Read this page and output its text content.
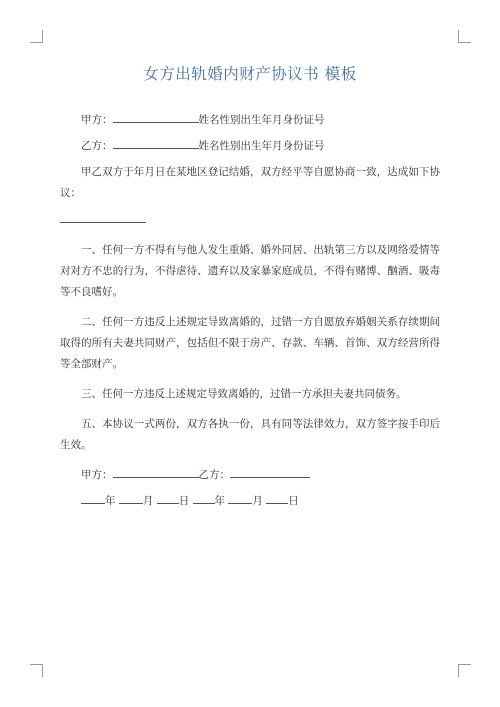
女方出轨婚内财产协议书 模板
甲方：	姓名性别出生年月身份证号
乙方：	姓名性别出生年月身份证号
甲乙双方于年月日在某地区登记结婚，双方经平等自愿协商一致，达成如下协议：
一、任何一方不得有与他人发生重婚、婚外同居、出轨第三方以及网络爱情等对对方不忠的行为，不得虐待、遗弃以及家暴家庭成员，不得有赌博、酗酒、吸毒等不良嗜好。
二、任何一方违反上述规定导致离婚的，过错一方自愿放弃婚姻关系存续期间取得的所有夫妻共同财产，包括但不限于房产、存款、车辆、首饰、双方经营所得等全部财产。
三、任何一方违反上述规定导致离婚的，过错一方承担夫妻共同债务。
五、本协议一式两份，双方各执一份，具有同等法律效力，双方签字按手印后生效。
甲方：	乙方：
年	月 日 年	月 日
